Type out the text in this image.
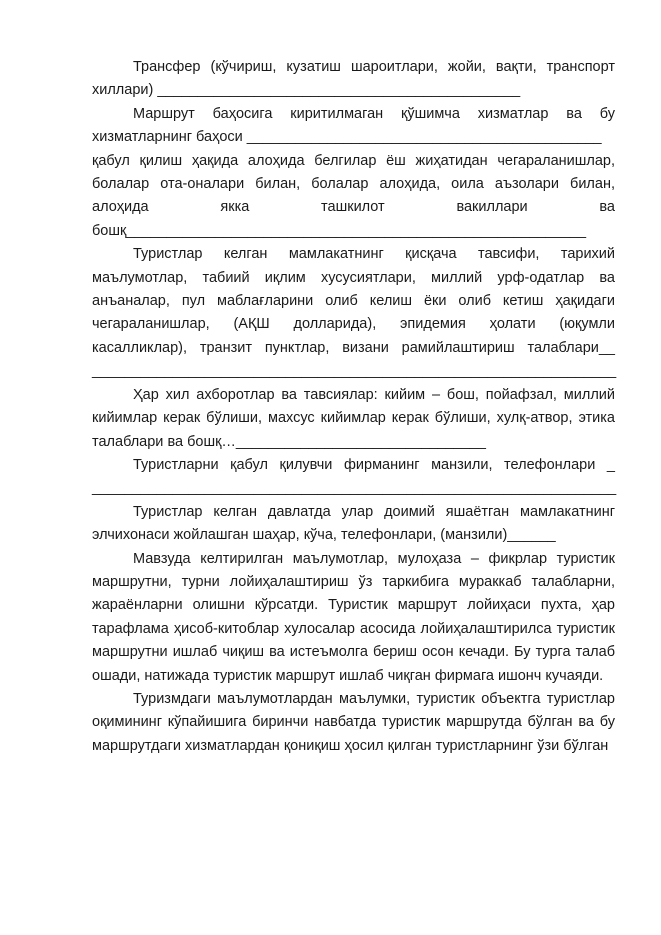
Трансфер (кўчириш, кузатиш шароитлари, жойи, вақти, транспорт хиллари) _____________________________________________

Маршрут баҳосига киритилмаган қўшимча хизматлар ва бу хизматларнинг баҳоси ____________________________________________

қабул қилиш ҳақида алоҳида белгилар ёш жиҳатидан чегараланишлар, болалар ота-оналари билан, болалар алоҳида, оила аъзолари билан, алоҳида якка ташкилот вакиллари ва бошқ_________________________________________________________

Туристлар келган мамлакатнинг қисқача тавсифи, тарихий маълумотлар, табиий иқлим хусусиятлари, миллий урф-одатлар ва анъаналар, пул маблағларини олиб келиш ёки олиб кетиш ҳақидаги чегараланишлар, (АҚШ долларида), эпидемия ҳолати (юқумли касалликлар), транзит пунктлар, визани рамийлаштириш талаблари__ _________________________________________________________________

Ҳар хил ахборотлар ва тавсиялар: кийим – бош, пойафзал, миллий кийимлар керак бўлиши, махсус кийимлар керак бўлиши, хулқ-атвор, этика талаблари ва бошқ…_______________________________

Туристларни қабул қилувчи фирманинг манзили, телефонлари _ _________________________________________________________________

Туристлар келган давлатда улар доимий яшаётган мамлакатнинг элчихонаси жойлашган шаҳар, кўча, телефонлари, (манзили)______

Мавзуда келтирилган маълумотлар, мулоҳаза – фикрлар туристик маршрутни, турни лойиҳалаштириш ўз таркибига мураккаб талабларни, жараёнларни олишни кўрсатди. Туристик маршрут лойиҳаси пухта, ҳар тарафлама ҳисоб-китоблар хулосалар асосида лойиҳалаштирилса туристик маршрутни ишлаб чиқиш ва истеъмолга бериш осон кечади. Бу турга талаб ошади, натижада туристик маршрут ишлаб чиқган фирмага ишонч кучаяди.

Туризмдаги маълумотлардан маълумки, туристик объектга туристлар оқимининг кўпайишига биринчи навбатда туристик маршрутда бўлган ва бу маршрутдаги хизматлардан қониқиш ҳосил қилган туристларнинг ўзи бўлган
